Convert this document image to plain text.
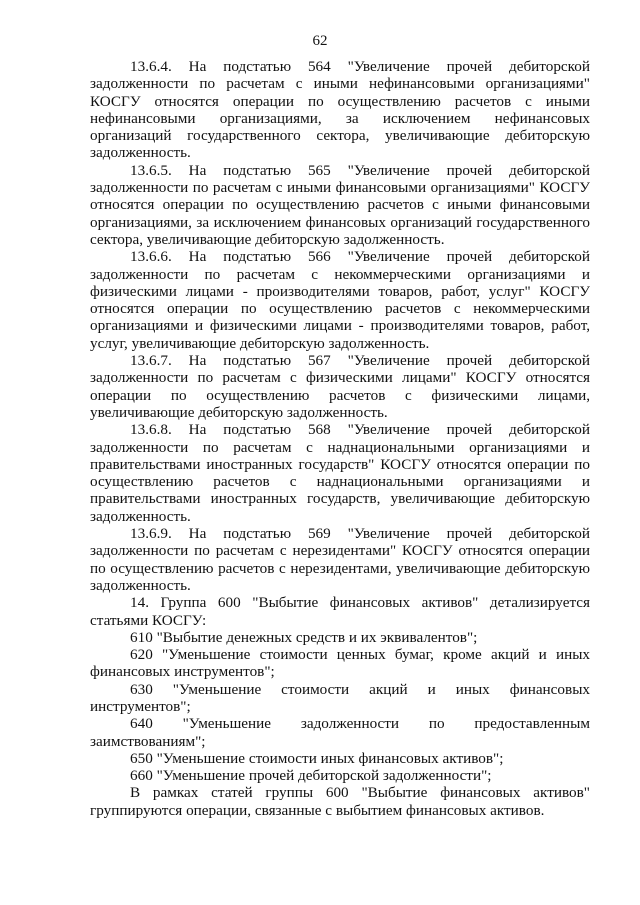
62

13.6.4. На подстатью 564 "Увеличение прочей дебиторской задолженности по расчетам с иными нефинансовыми организациями" КОСГУ относятся операции по осуществлению расчетов с иными нефинансовыми организациями, за исключением нефинансовых организаций государственного сектора, увеличивающие дебиторскую задолженность.

13.6.5. На подстатью 565 "Увеличение прочей дебиторской задолженности по расчетам с иными финансовыми организациями" КОСГУ относятся операции по осуществлению расчетов с иными финансовыми организациями, за исключением финансовых организаций государственного сектора, увеличивающие дебиторскую задолженность.

13.6.6. На подстатью 566 "Увеличение прочей дебиторской задолженности по расчетам с некоммерческими организациями и физическими лицами - производителями товаров, работ, услуг" КОСГУ относятся операции по осуществлению расчетов с некоммерческими организациями и физическими лицами - производителями товаров, работ, услуг, увеличивающие дебиторскую задолженность.

13.6.7. На подстатью 567 "Увеличение прочей дебиторской задолженности по расчетам с физическими лицами" КОСГУ относятся операции по осуществлению расчетов с физическими лицами, увеличивающие дебиторскую задолженность.

13.6.8. На подстатью 568 "Увеличение прочей дебиторской задолженности по расчетам с наднациональными организациями и правительствами иностранных государств" КОСГУ относятся операции по осуществлению расчетов с наднациональными организациями и правительствами иностранных государств, увеличивающие дебиторскую задолженность.

13.6.9. На подстатью 569 "Увеличение прочей дебиторской задолженности по расчетам с нерезидентами" КОСГУ относятся операции по осуществлению расчетов с нерезидентами, увеличивающие дебиторскую задолженность.

14. Группа 600 "Выбытие финансовых активов" детализируется статьями КОСГУ:

610 "Выбытие денежных средств и их эквивалентов";

620 "Уменьшение стоимости ценных бумаг, кроме акций и иных финансовых инструментов";

630 "Уменьшение стоимости акций и иных финансовых инструментов";

640 "Уменьшение задолженности по предоставленным заимствованиям";

650 "Уменьшение стоимости иных финансовых активов";

660 "Уменьшение прочей дебиторской задолженности";

В рамках статей группы 600 "Выбытие финансовых активов" группируются операции, связанные с выбытием финансовых активов.
